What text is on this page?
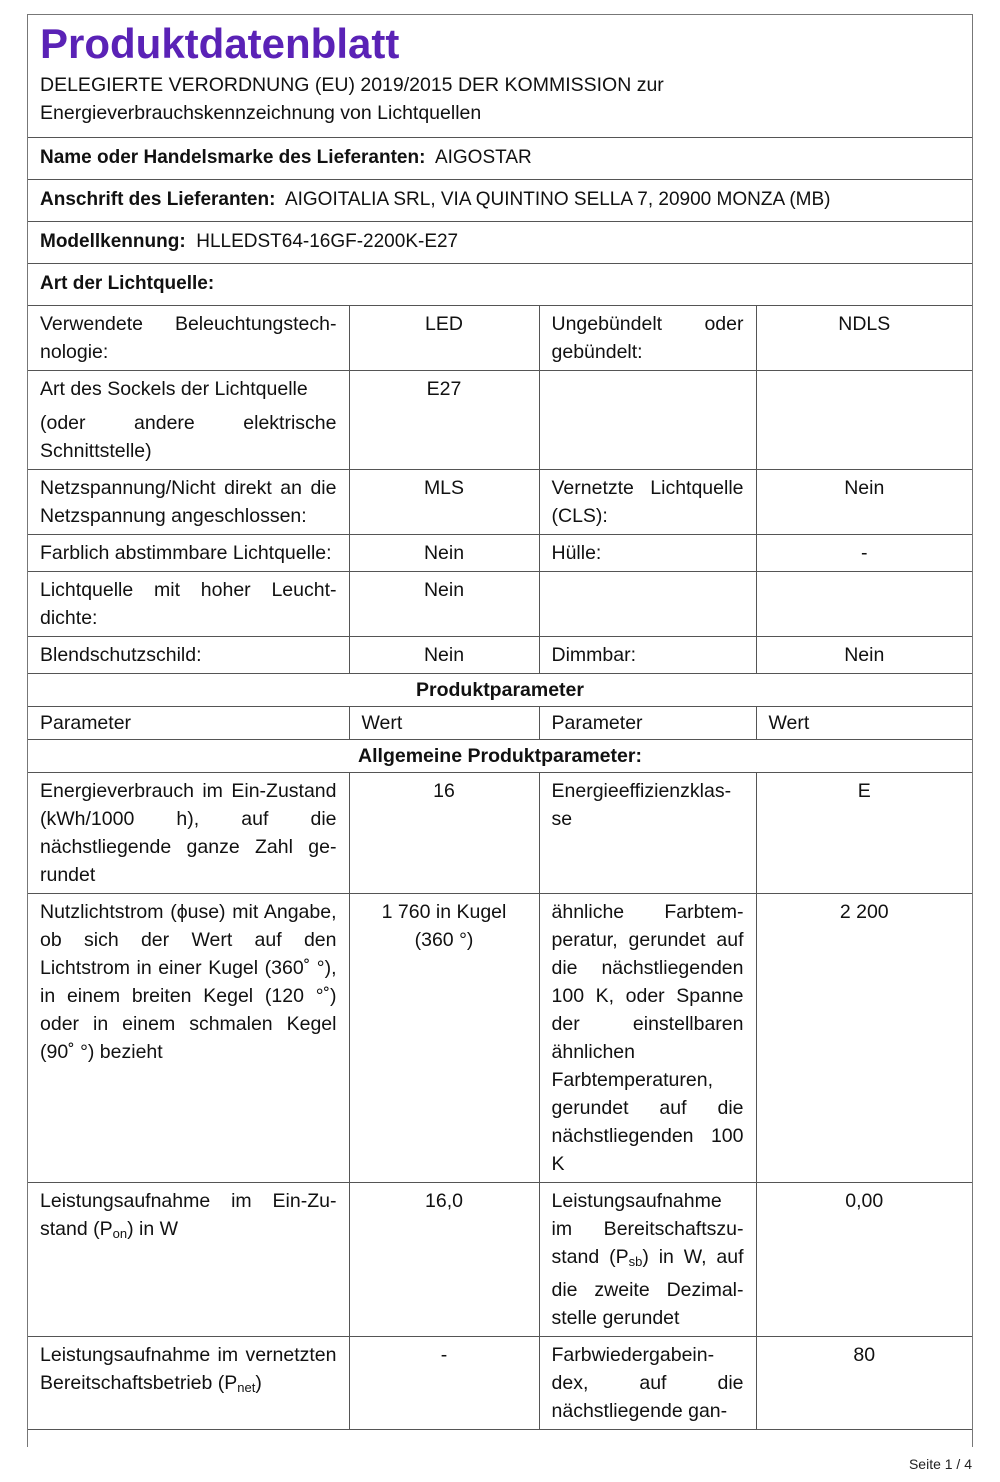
Produktdatenblatt
DELEGIERTE VERORDNUNG (EU) 2019/2015 DER KOMMISSION zur
Energieverbrauchskennzeichnung von Lichtquellen
Name oder Handelsmarke des Lieferanten: AIGOSTAR
Anschrift des Lieferanten: AIGOITALIA SRL, VIA QUINTINO SELLA 7, 20900 MONZA (MB)
Modellkennung: HLLEDST64-16GF-2200K-E27
Art der Lichtquelle:
Verwendete Beleuchtungstechnologie:	LED	Ungebündelt oder gebündelt:	NDLS

Art des Sockels der Lichtquelle
(oder andere elektrische Schnittstelle)	E27		
Netzspannung/Nicht direkt an die Netzspannung angeschlossen:	MLS	Vernetzte Lichtquelle (CLS):	Nein
Farblich abstimmbare Lichtquelle:	Nein	Hülle:	-
Lichtquelle mit hoher Leuchtdichte:	Nein		
Blendschutzschild:	Nein	Dimmbar:	Nein
Produktparameter			
Parameter	Wert	Parameter	Wert
Allgemeine Produktparameter:			
Energieverbrauch im Ein-Zustand (kWh/1000 h), auf die nächstliegende ganze Zahl gerundet	16	Energieeffizienzklasse	E
Nutzlichtstrom (ϕuse) mit Angabe, ob sich der Wert auf den Lichtstrom in einer Kugel (360˚ °), in einem breiten Kegel (120 °˚) oder in einem schmalen Kegel (90˚ °) bezieht	1 760 in Kugel (360 °)	ähnliche Farbtemperatur, gerundet auf die nächstliegenden 100 K, oder Spanne der einstellbaren ähnlichen Farbtemperaturen, gerundet auf die nächstliegenden 100 K	2 200
Leistungsaufnahme im Ein-Zustand $(P_{on})$ in W	16,0	Leistungsaufnahme im Bereitschaftszustand $(P_{sb})$ in W, auf die zweite Dezimalstelle gerundet	0,00
Leistungsaufnahme im vernetzten Bereitschaftsbetrieb $(P_{net})$	-	Farbwiedergabeindex, auf die nächstliegende gan-	80
Seite 1 / 4
